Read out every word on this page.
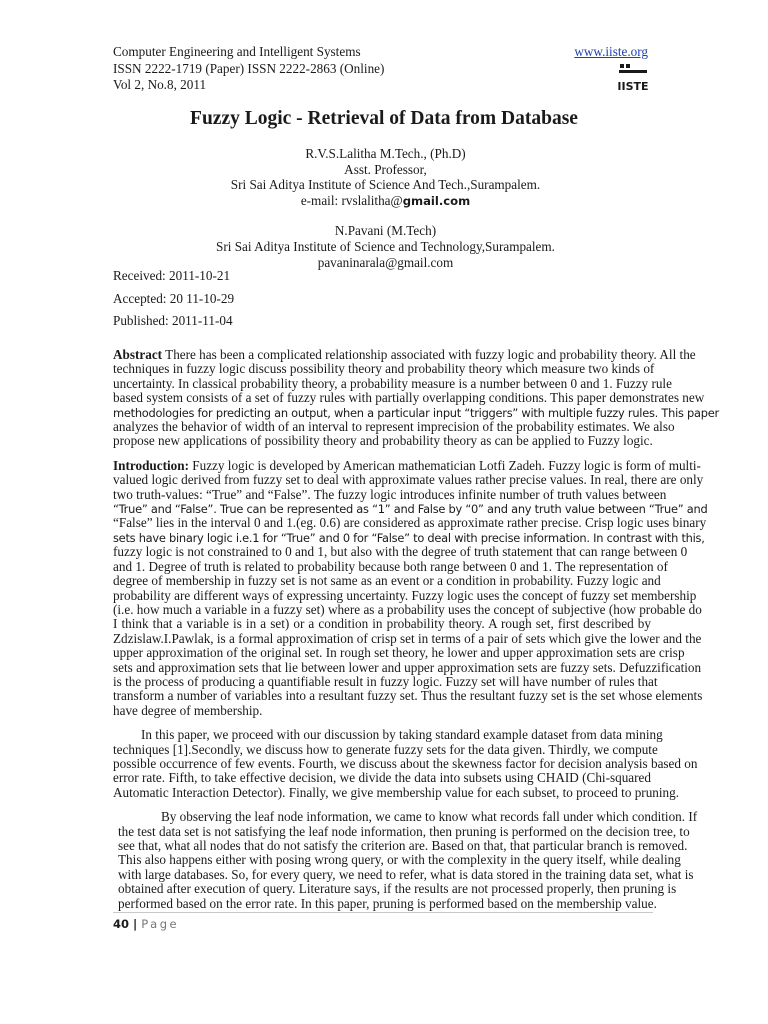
Computer Engineering and Intelligent Systems
ISSN 2222-1719 (Paper) ISSN 2222-2863 (Online)
Vol 2, No.8, 2011
www.iiste.org
IISTE
Fuzzy Logic - Retrieval of Data from Database
R.V.S.Lalitha M.Tech., (Ph.D)
Asst. Professor,
Sri Sai Aditya Institute of Science And Tech.,Surampalem.
e-mail: rvslalitha@gmail.com
N.Pavani (M.Tech)
Sri Sai Aditya Institute of Science and Technology,Surampalem.
pavaninarala@gmail.com
Received: 2011-10-21
Accepted: 20 11-10-29
Published: 2011-11-04

Abstract There has been a complicated relationship associated with fuzzy logic and probability theory. All the
techniques in fuzzy logic discuss possibility theory and probability theory which measure two kinds of
uncertainty. In classical probability theory, a probability measure is a number between 0 and 1. Fuzzy rule
based system consists of a set of fuzzy rules with partially overlapping conditions. This paper demonstrates new
methodologies for predicting an output, when a particular input “triggers” with multiple fuzzy rules. This paper
analyzes the behavior of width of an interval to represent imprecision of the probability estimates. We also
propose new applications of possibility theory and probability theory as can be applied to Fuzzy logic.

Introduction: Fuzzy logic is developed by American mathematician Lotfi Zadeh. Fuzzy logic is form of multi-
valued logic derived from fuzzy set to deal with approximate values rather precise values. In real, there are only
two truth-values: “True” and “False”. The fuzzy logic introduces infinite number of truth values between
“True” and “False”. True can be represented as “1” and False by “0” and any truth value between “True” and
“False” lies in the interval 0 and 1.(eg. 0.6) are considered as approximate rather precise. Crisp logic uses binary
sets have binary logic i.e.1 for “True” and 0 for “False” to deal with precise information. In contrast with this,
fuzzy logic is not constrained to 0 and 1, but also with the degree of truth statement that can range between 0
and 1. Degree of truth is related to probability because both range between 0 and 1. The representation of
degree of membership in fuzzy set is not same as an event or a condition in probability. Fuzzy logic and
probability are different ways of expressing uncertainty. Fuzzy logic uses the concept of fuzzy set membership
(i.e. how much a variable in a fuzzy set) where as a probability uses the concept of subjective (how probable do
I think that a variable is in a set) or a condition in probability theory. A rough set, first described by
Zdzislaw.I.Pawlak, is a formal approximation of crisp set in terms of a pair of sets which give the lower and the
upper approximation of the original set. In rough set theory, he lower and upper approximation sets are crisp
sets and approximation sets that lie between lower and upper approximation sets are fuzzy sets. Defuzzification
is the process of producing a quantifiable result in fuzzy logic. Fuzzy set will have number of rules that
transform a number of variables into a resultant fuzzy set. Thus the resultant fuzzy set is the set whose elements
have degree of membership.

In this paper, we proceed with our discussion by taking standard example dataset from data mining
techniques [1].Secondly, we discuss how to generate fuzzy sets for the data given. Thirdly, we compute
possible occurrence of few events. Fourth, we discuss about the skewness factor for decision analysis based on
error rate. Fifth, to take effective decision, we divide the data into subsets using CHAID (Chi-squared
Automatic Interaction Detector). Finally, we give membership value for each subset, to proceed to pruning.

By observing the leaf node information, we came to know what records fall under which condition. If
the test data set is not satisfying the leaf node information, then pruning is performed on the decision tree, to
see that, what all nodes that do not satisfy the criterion are. Based on that, that particular branch is removed.
This also happens either with posing wrong query, or with the complexity in the query itself, while dealing
with large databases. So, for every query, we need to refer, what is data stored in the training data set, what is
obtained after execution of query. Literature says, if the results are not processed properly, then pruning is
performed based on the error rate. In this paper, pruning is performed based on the membership value.

40 | Page
